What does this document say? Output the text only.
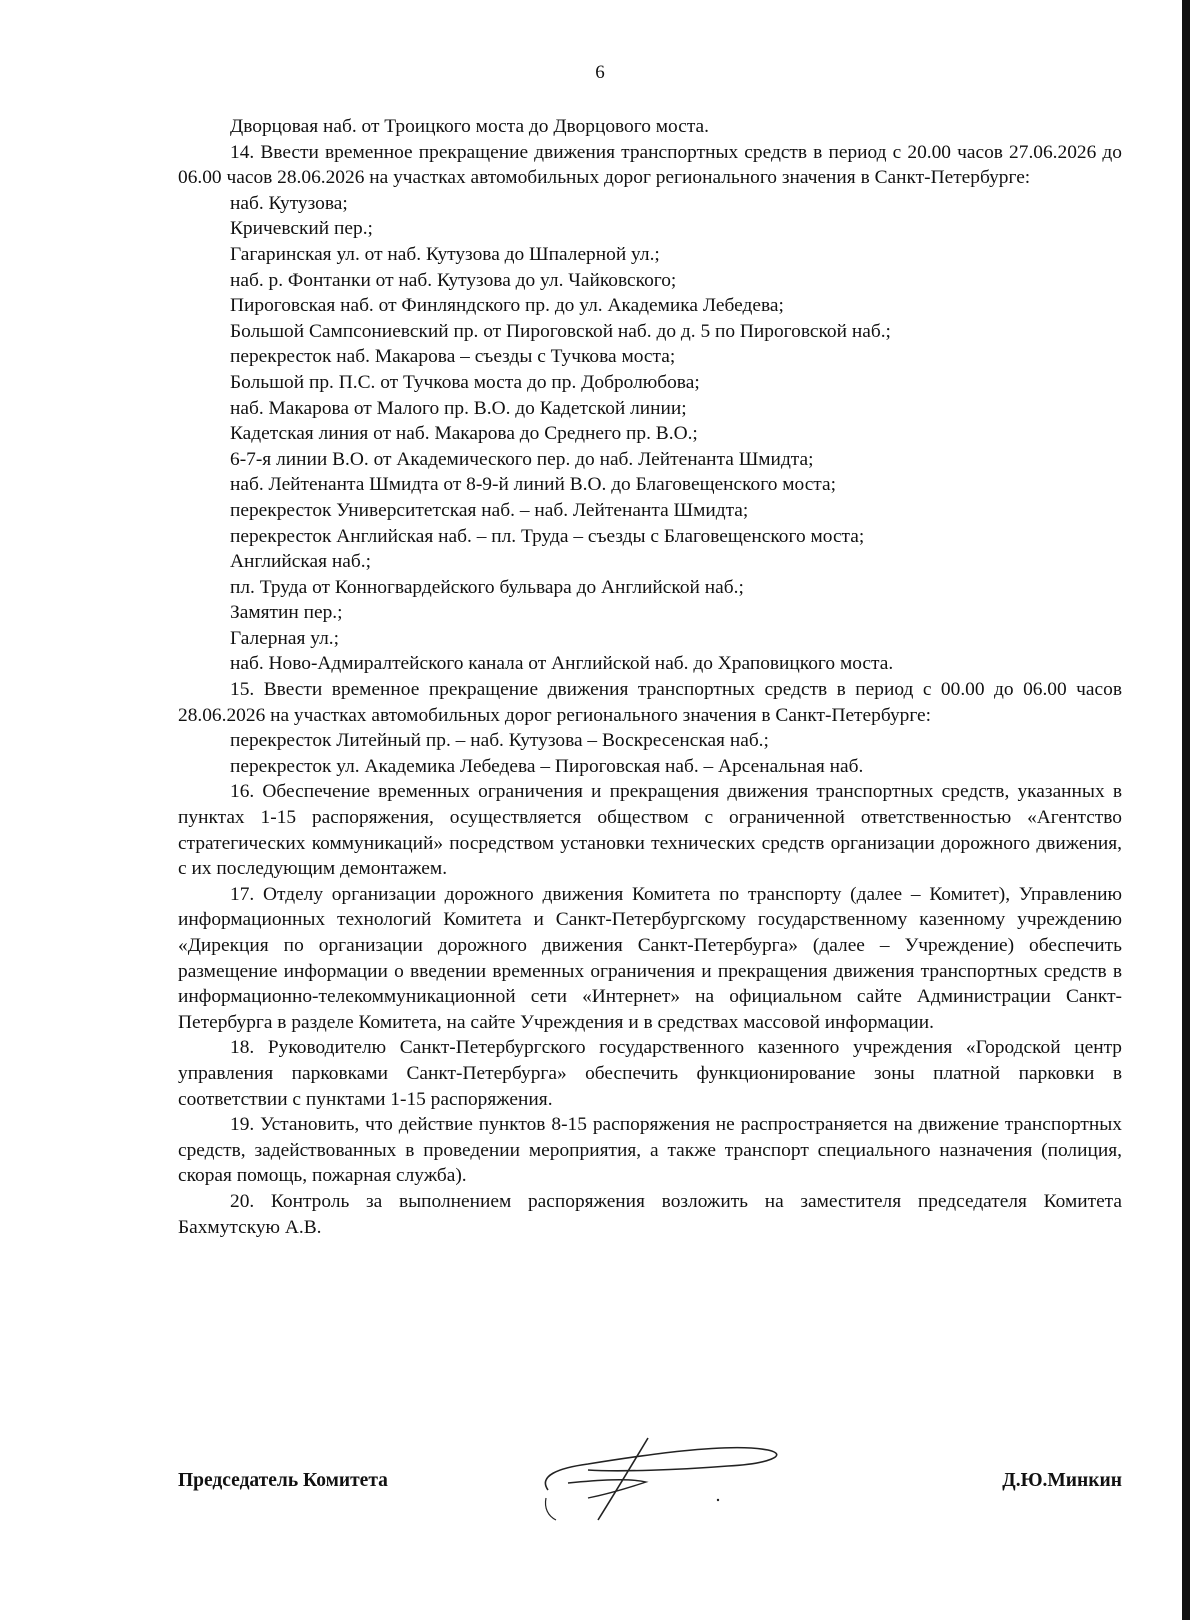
6

Дворцовая наб. от Троицкого моста до Дворцового моста.

14. Ввести временное прекращение движения транспортных средств в период с 20.00 часов 27.06.2026 до 06.00 часов 28.06.2026 на участках автомобильных дорог регионального значения в Санкт-Петербурге:

наб. Кутузова;

Кричевский пер.;

Гагаринская ул. от наб. Кутузова до Шпалерной ул.;

наб. р. Фонтанки от наб. Кутузова до ул. Чайковского;

Пироговская наб. от Финляндского пр. до ул. Академика Лебедева;

Большой Сампсониевский пр. от Пироговской наб. до д. 5 по Пироговской наб.;

перекресток наб. Макарова – съезды с Тучкова моста;

Большой пр. П.С. от Тучкова моста до пр. Добролюбова;

наб. Макарова от Малого пр. В.О. до Кадетской линии;

Кадетская линия от наб. Макарова до Среднего пр. В.О.;

6-7-я линии В.О. от Академического пер. до наб. Лейтенанта Шмидта;

наб. Лейтенанта Шмидта от 8-9-й линий В.О. до Благовещенского моста;

перекресток Университетская наб. – наб. Лейтенанта Шмидта;

перекресток Английская наб. – пл. Труда – съезды с Благовещенского моста;

Английская наб.;

пл. Труда от Конногвардейского бульвара до Английской наб.;

Замятин пер.;

Галерная ул.;

наб. Ново-Адмиралтейского канала от Английской наб. до Храповицкого моста.

15. Ввести временное прекращение движения транспортных средств в период с 00.00 до 06.00 часов 28.06.2026 на участках автомобильных дорог регионального значения в Санкт-Петербурге:

перекресток Литейный пр. – наб. Кутузова – Воскресенская наб.;

перекресток ул. Академика Лебедева – Пироговская наб. – Арсенальная наб.

16. Обеспечение временных ограничения и прекращения движения транспортных средств, указанных в пунктах 1-15 распоряжения, осуществляется обществом с ограниченной ответственностью «Агентство стратегических коммуникаций» посредством установки технических средств организации дорожного движения, с их последующим демонтажем.

17. Отделу организации дорожного движения Комитета по транспорту (далее – Комитет), Управлению информационных технологий Комитета и Санкт-Петербургскому государственному казенному учреждению «Дирекция по организации дорожного движения Санкт-Петербурга» (далее – Учреждение) обеспечить размещение информации о введении временных ограничения и прекращения движения транспортных средств в информационно-телекоммуникационной сети «Интернет» на официальном сайте Администрации Санкт-Петербурга в разделе Комитета, на сайте Учреждения и в средствах массовой информации.

18. Руководителю Санкт-Петербургского государственного казенного учреждения «Городской центр управления парковками Санкт-Петербурга» обеспечить функционирование зоны платной парковки в соответствии с пунктами 1-15 распоряжения.

19. Установить, что действие пунктов 8-15 распоряжения не распространяется на движение транспортных средств, задействованных в проведении мероприятия, а также транспорт специального назначения (полиция, скорая помощь, пожарная служба).

20. Контроль за выполнением распоряжения возложить на заместителя председателя Комитета Бахмутскую А.В.

Председатель Комитета	Д.Ю.Минкин
